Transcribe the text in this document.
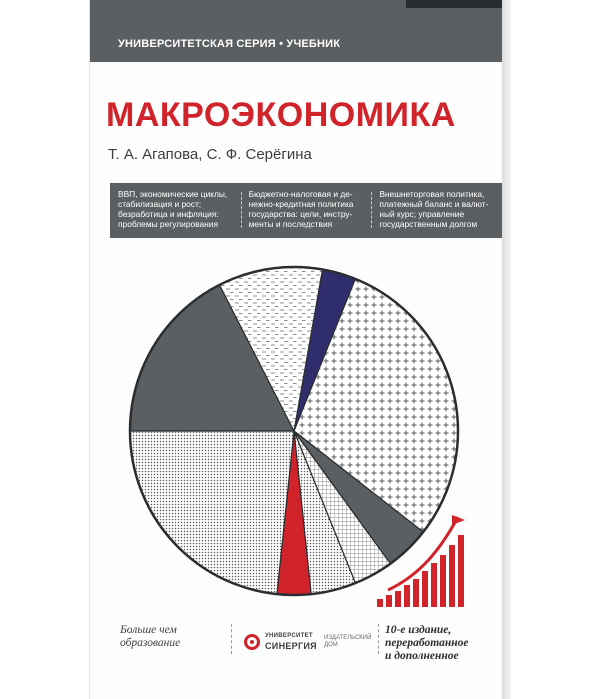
УНИВЕРСИТЕТСКАЯ СЕРИЯ • УЧЕБНИК
МАКРОЭКОНОМИКА
Т. А. Агапова, С. Ф. Серёгина
ВВП, экономические циклы,
стабилизация и рост;
безработица и инфляция:
проблемы регулирования
Бюджетно-налоговая и де-
нежно-кредитная политика
государства: цели, инстру-
менты и последствия
Внешнеторговая политика,
платежный баланс и валют-
ный курс; управление
государственным долгом
Больше чем
образование
УНИВЕРСИТЕТ
СИНЕРГИЯ
ИЗДАТЕЛЬСКИЙ
ДОМ
10-е издание,
переработанное
и дополненное
